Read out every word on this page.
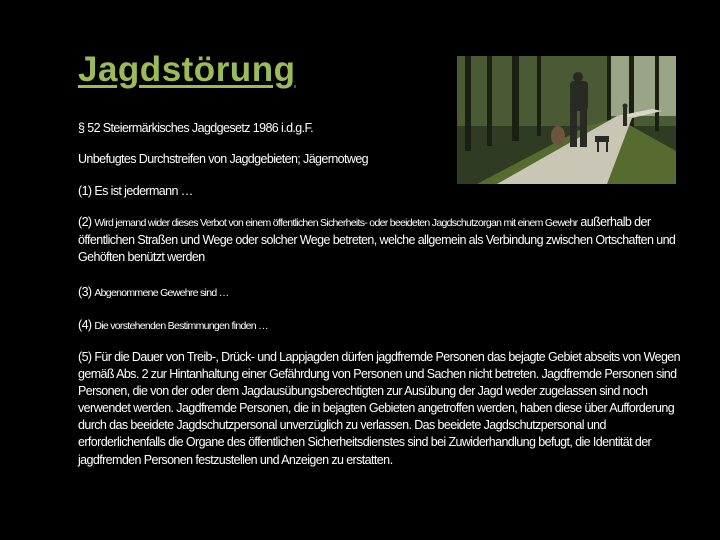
Jagdstörung
§ 52 Steiermärkisches Jagdgesetz 1986 i.d.g.F.
Unbefugtes Durchstreifen von Jagdgebieten; Jägernotweg
(1) Es ist jedermann …
(2) Wird jemand wider dieses Verbot von einem öffentlichen Sicherheits- oder beeideten Jagdschutzorgan mit einem Gewehr außerhalb der öffentlichen Straßen und Wege oder solcher Wege betreten, welche allgemein als Verbindung zwischen Ortschaften und Gehöften benützt werden
(3) Abgenommene Gewehre sind …
(4) Die vorstehenden Bestimmungen finden …
(5) Für die Dauer von Treib-, Drück- und Lappjagden dürfen jagdfremde Personen das bejagte Gebiet abseits von Wegen gemäß Abs. 2 zur Hintanhaltung einer Gefährdung von Personen und Sachen nicht betreten. Jagdfremde Personen sind Personen, die von der oder dem Jagdausübungsberechtigten zur Ausübung der Jagd weder zugelassen sind noch verwendet werden. Jagdfremde Personen, die in bejagten Gebieten angetroffen werden, haben diese über Aufforderung durch das beeidete Jagdschutzpersonal unverzüglich zu verlassen. Das beeidete Jagdschutzpersonal und erforderlichenfalls die Organe des öffentlichen Sicherheitsdienstes sind bei Zuwiderhandlung befugt, die Identität der jagdfremden Personen festzustellen und Anzeigen zu erstatten.
